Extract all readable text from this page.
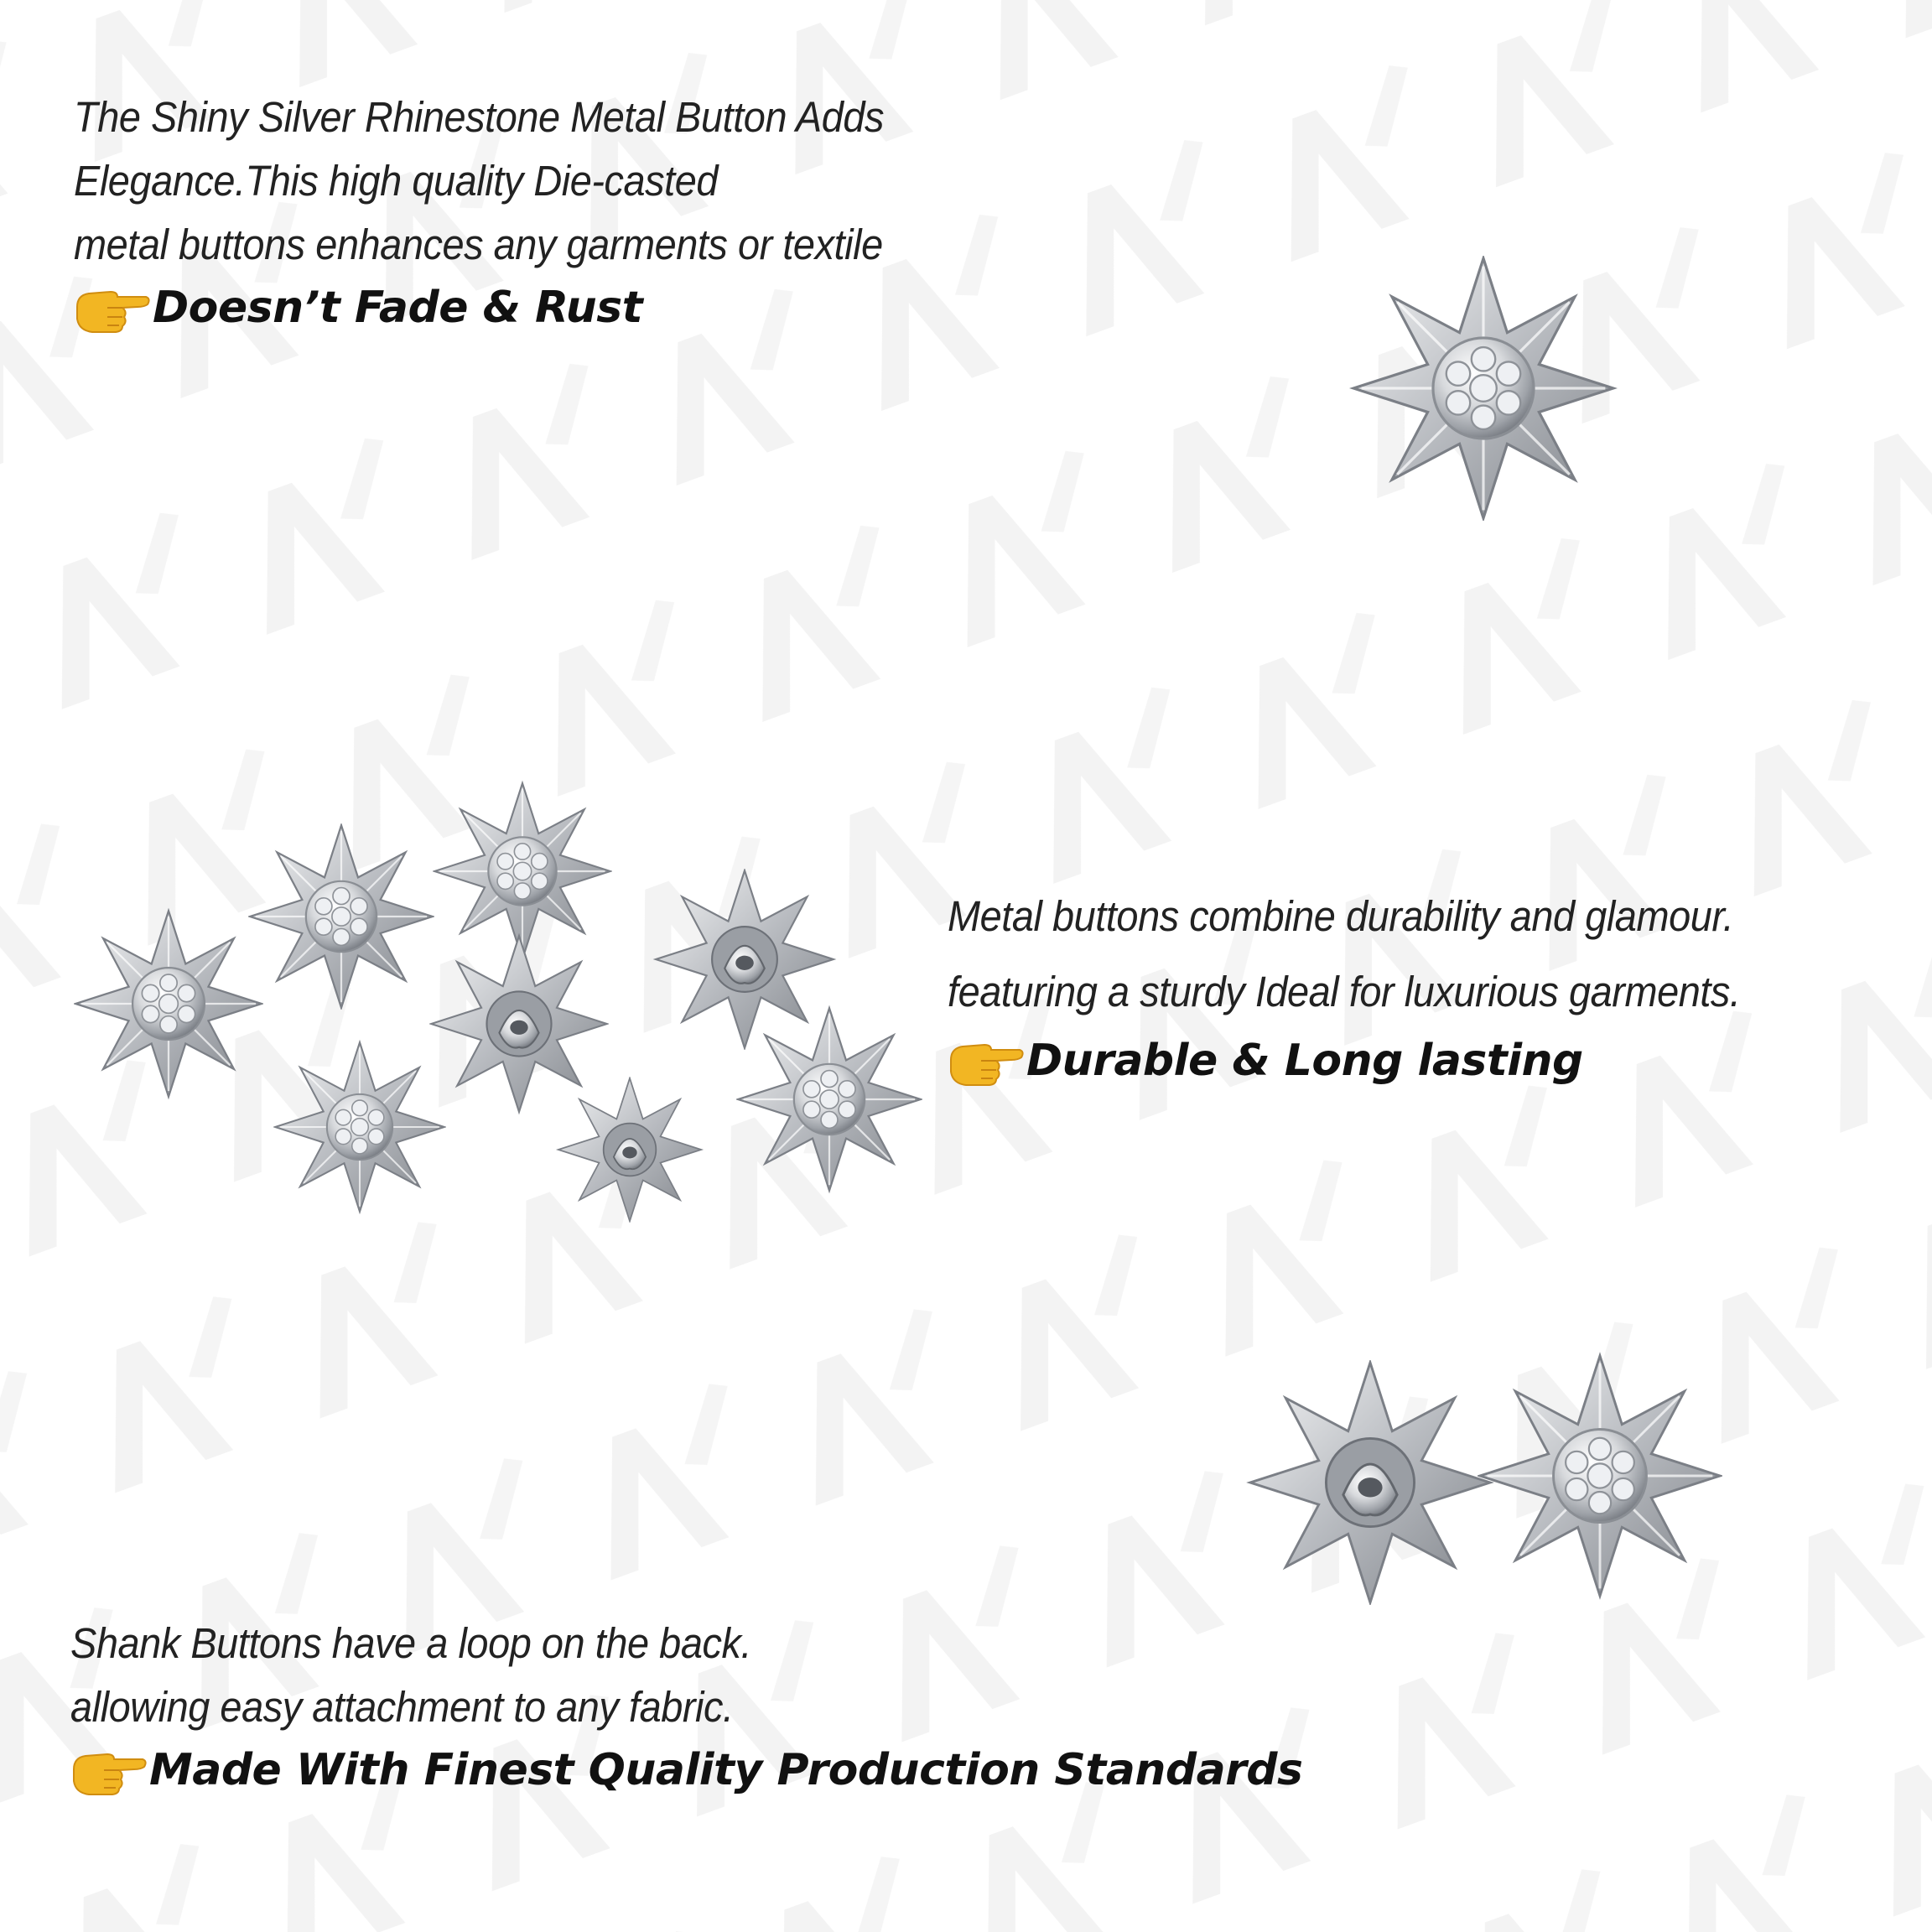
The Shiny Silver Rhinestone Metal Button Adds

Elegance.This high quality Die-casted

metal buttons enhances any garments or textile

Doesn’t Fade & Rust

Metal buttons combine durability and glamour.

featuring a sturdy Ideal for luxurious garments.

Durable & Long lasting

Shank Buttons have a loop on the back.

allowing easy attachment to any fabric.

Made With Finest Quality Production Standards
